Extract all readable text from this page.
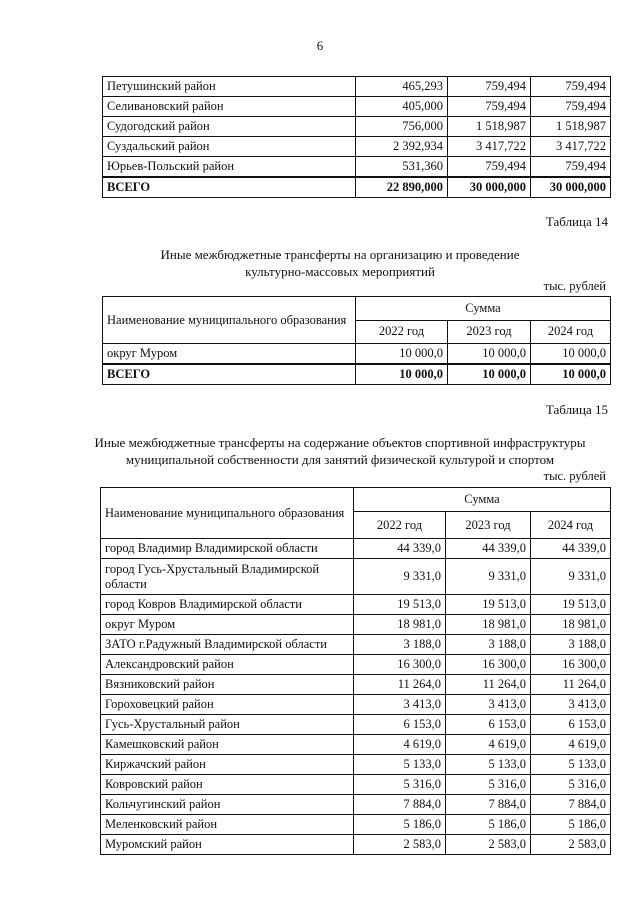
6
Петушинский район	465,293	759,494	759,494
Селивановский район	405,000	759,494	759,494
Судогодский район	756,000	1 518,987	1 518,987
Суздальский район	2 392,934	3 417,722	3 417,722
Юрьев-Польский район	531,360	759,494	759,494
ВСЕГО	22 890,000	30 000,000	30 000,000
Таблица 14
Иные межбюджетные трансферты на организацию и проведение
культурно-массовых мероприятий
тыс. рублей
Наименование муниципального образования	Сумма		
	2022 год	2023 год	2024 год
округ Муром	10 000,0	10 000,0	10 000,0
ВСЕГО	10 000,0	10 000,0	10 000,0
Таблица 15
Иные межбюджетные трансферты на содержание объектов спортивной инфраструктуры
муниципальной собственности для занятий физической культурой и спортом
тыс. рублей
Наименование муниципального образования	Сумма		
	2022 год	2023 год	2024 год
город Владимир Владимирской области	44 339,0	44 339,0	44 339,0
город Гусь-Хрустальный Владимирской области	9 331,0	9 331,0	9 331,0
город Ковров Владимирской области	19 513,0	19 513,0	19 513,0
округ Муром	18 981,0	18 981,0	18 981,0
ЗАТО г.Радужный Владимирской области	3 188,0	3 188,0	3 188,0
Александровский район	16 300,0	16 300,0	16 300,0
Вязниковский район	11 264,0	11 264,0	11 264,0
Гороховецкий район	3 413,0	3 413,0	3 413,0
Гусь-Хрустальный район	6 153,0	6 153,0	6 153,0
Камешковский район	4 619,0	4 619,0	4 619,0
Киржачский район	5 133,0	5 133,0	5 133,0
Ковровский район	5 316,0	5 316,0	5 316,0
Кольчугинский район	7 884,0	7 884,0	7 884,0
Меленковский район	5 186,0	5 186,0	5 186,0
Муромский район	2 583,0	2 583,0	2 583,0
